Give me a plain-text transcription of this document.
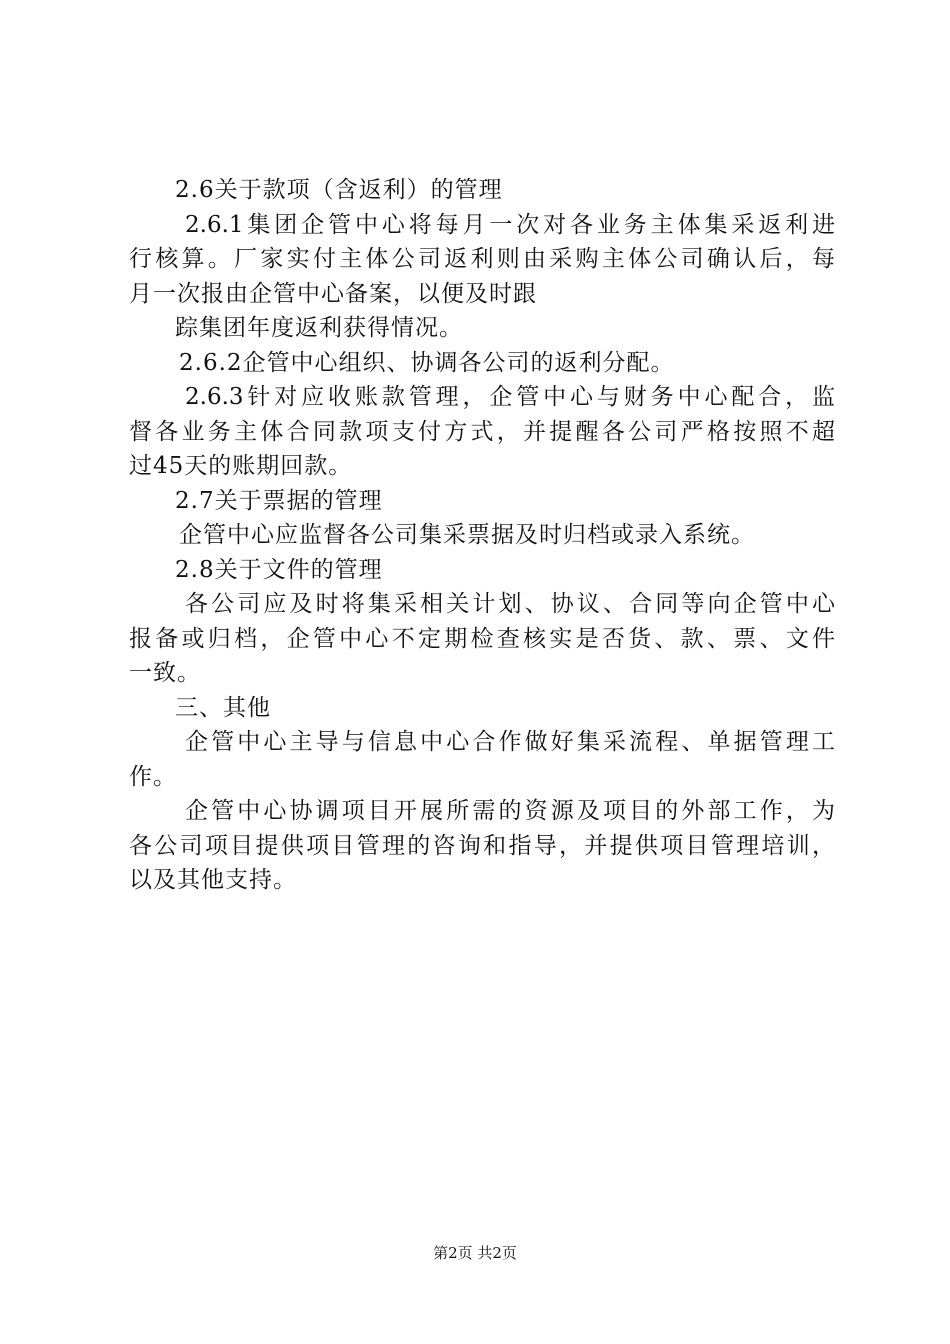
2.6关于款项（含返利）的管理
2.6.1集团企管中心将每月一次对各业务主体集采返利进
行核算。厂家实付主体公司返利则由采购主体公司确认后，每
月一次报由企管中心备案，以便及时跟
踪集团年度返利获得情况。
2.6.2企管中心组织、协调各公司的返利分配。
2.6.3针对应收账款管理，企管中心与财务中心配合，监
督各业务主体合同款项支付方式，并提醒各公司严格按照不超
过45天的账期回款。
2.7关于票据的管理
企管中心应监督各公司集采票据及时归档或录入系统。
2.8关于文件的管理
各公司应及时将集采相关计划、协议、合同等向企管中心
报备或归档，企管中心不定期检查核实是否货、款、票、文件
一致。
三、其他
企管中心主导与信息中心合作做好集采流程、单据管理工
作。
企管中心协调项目开展所需的资源及项目的外部工作，为
各公司项目提供项目管理的咨询和指导，并提供项目管理培训，
以及其他支持。
第2页 共2页
